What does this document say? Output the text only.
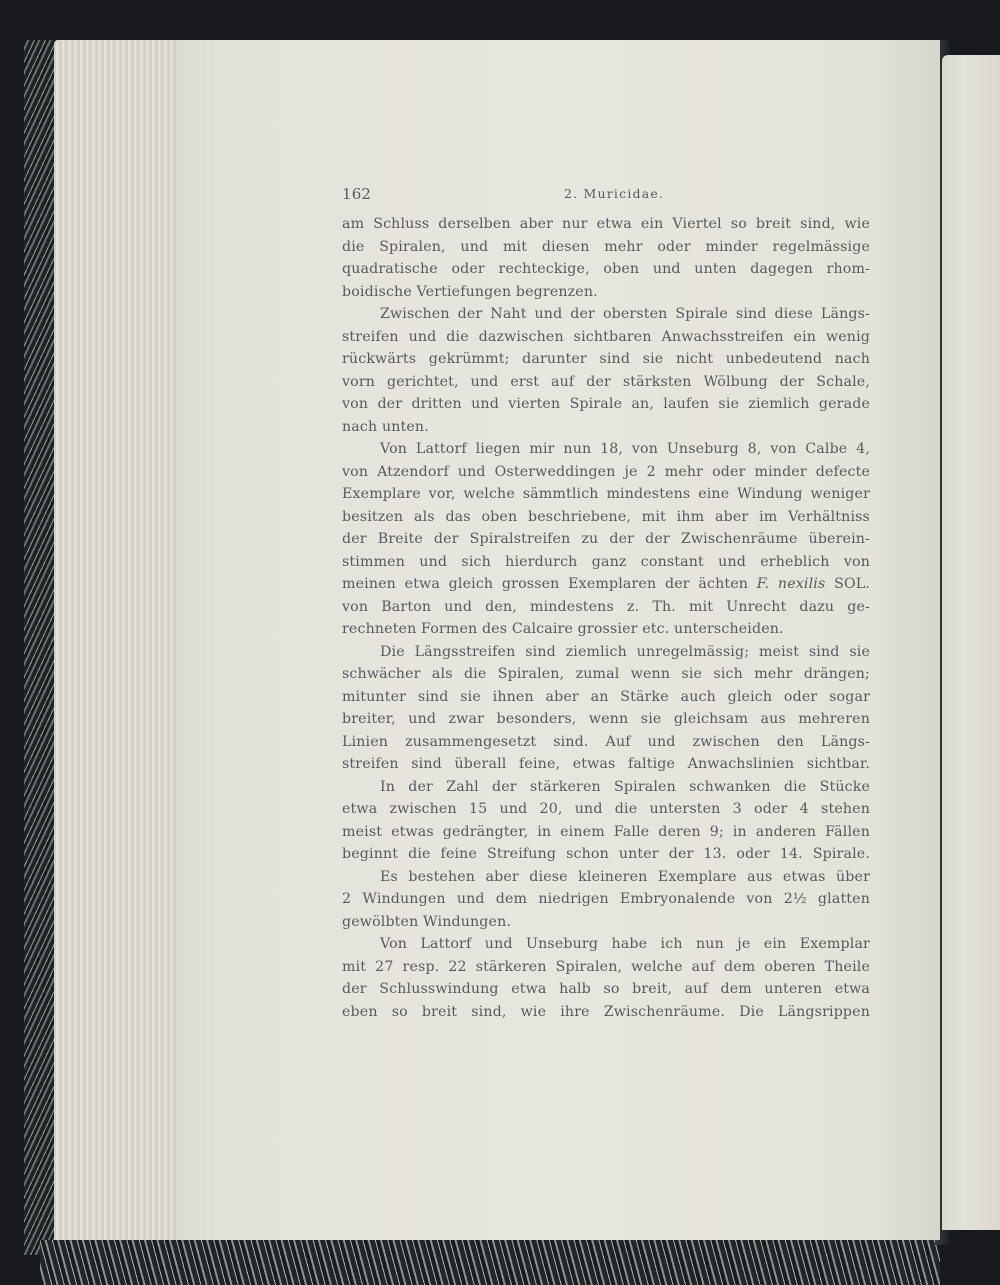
162	2. Muricidae.
am Schluss derselben aber nur etwa ein Viertel so breit sind, wie
die Spiralen, und mit diesen mehr oder minder regelmässige
quadratische oder rechteckige, oben und unten dagegen rhom-
boidische Vertiefungen begrenzen.
Zwischen der Naht und der obersten Spirale sind diese Längs-
streifen und die dazwischen sichtbaren Anwachsstreifen ein wenig
rückwärts gekrümmt; darunter sind sie nicht unbedeutend nach
vorn gerichtet, und erst auf der stärksten Wölbung der Schale,
von der dritten und vierten Spirale an, laufen sie ziemlich gerade
nach unten.
Von Lattorf liegen mir nun 18, von Unseburg 8, von Calbe 4,
von Atzendorf und Osterweddingen je 2 mehr oder minder defecte
Exemplare vor, welche sämmtlich mindestens eine Windung weniger
besitzen als das oben beschriebene, mit ihm aber im Verhältniss
der Breite der Spiralstreifen zu der der Zwischenräume überein-
stimmen und sich hierdurch ganz constant und erheblich von
meinen etwa gleich grossen Exemplaren der ächten F. nexilis SOL.
von Barton und den, mindestens z. Th. mit Unrecht dazu ge-
rechneten Formen des Calcaire grossier etc. unterscheiden.
Die Längsstreifen sind ziemlich unregelmässig; meist sind sie
schwächer als die Spiralen, zumal wenn sie sich mehr drängen;
mitunter sind sie ihnen aber an Stärke auch gleich oder sogar
breiter, und zwar besonders, wenn sie gleichsam aus mehreren
Linien zusammengesetzt sind. Auf und zwischen den Längs-
streifen sind überall feine, etwas faltige Anwachslinien sichtbar.
In der Zahl der stärkeren Spiralen schwanken die Stücke
etwa zwischen 15 und 20, und die untersten 3 oder 4 stehen
meist etwas gedrängter, in einem Falle deren 9; in anderen Fällen
beginnt die feine Streifung schon unter der 13. oder 14. Spirale.
Es bestehen aber diese kleineren Exemplare aus etwas über
2 Windungen und dem niedrigen Embryonalende von 2½ glatten
gewölbten Windungen.
Von Lattorf und Unseburg habe ich nun je ein Exemplar
mit 27 resp. 22 stärkeren Spiralen, welche auf dem oberen Theile
der Schlusswindung etwa halb so breit, auf dem unteren etwa
eben so breit sind, wie ihre Zwischenräume. Die Längsrippen
